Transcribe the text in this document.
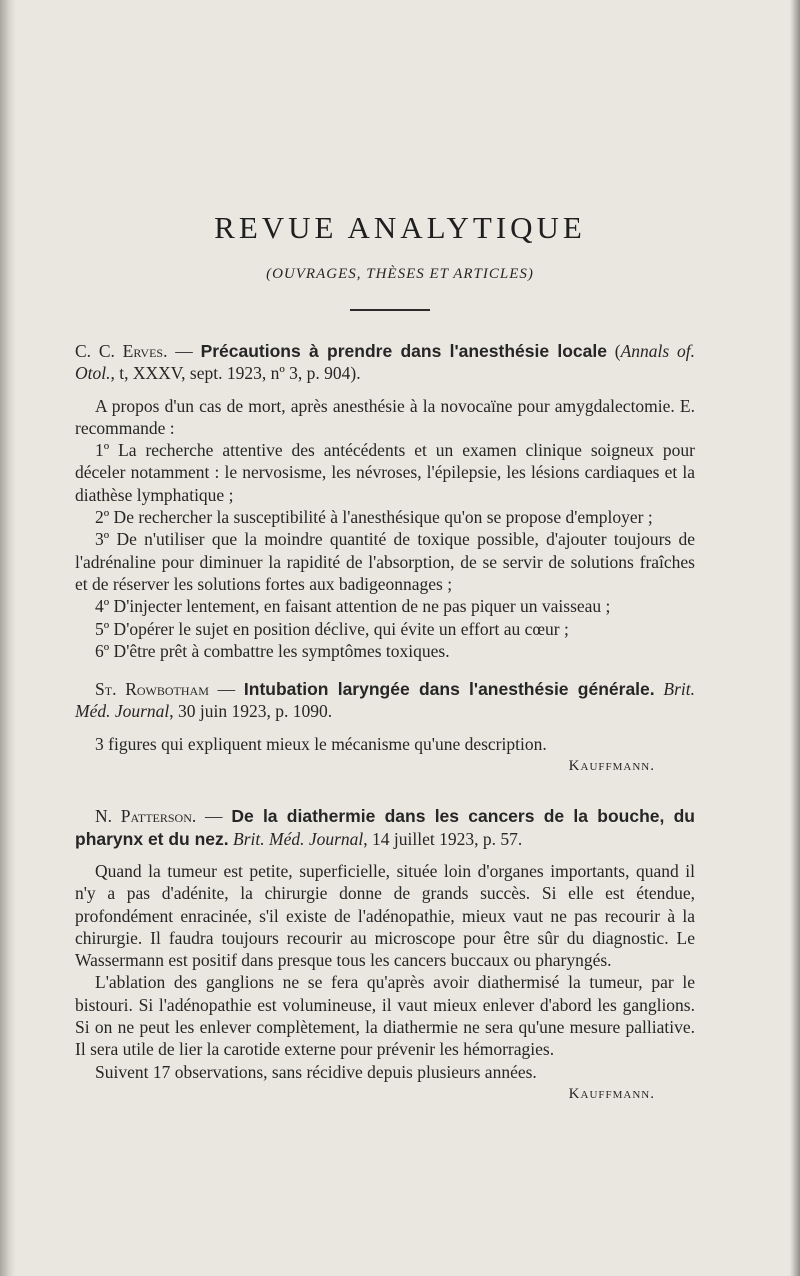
REVUE ANALYTIQUE
(OUVRAGES, THÈSES ET ARTICLES)

C. C. Erves. — Précautions à prendre dans l'anesthésie locale (Annals of. Otol., t, XXXV, sept. 1923, nº 3, p. 904).

A propos d'un cas de mort, après anesthésie à la novocaïne pour amygdalectomie. E. recommande :

1º La recherche attentive des antécédents et un examen clinique soigneux pour déceler notamment : le nervosisme, les névroses, l'épilepsie, les lésions cardiaques et la diathèse lymphatique ;

2º De rechercher la susceptibilité à l'anesthésique qu'on se propose d'employer ;

3º De n'utiliser que la moindre quantité de toxique possible, d'ajouter toujours de l'adrénaline pour diminuer la rapidité de l'absorption, de se servir de solutions fraîches et de réserver les solutions fortes aux badigeonnages ;

4º D'injecter lentement, en faisant attention de ne pas piquer un vaisseau ;

5º D'opérer le sujet en position déclive, qui évite un effort au cœur ;

6º D'être prêt à combattre les symptômes toxiques.

St. Rowbotham — Intubation laryngée dans l'anesthésie générale. Brit. Méd. Journal, 30 juin 1923, p. 1090.

3 figures qui expliquent mieux le mécanisme qu'une description.

Kauffmann.

N. Patterson. — De la diathermie dans les cancers de la bouche, du pharynx et du nez. Brit. Méd. Journal, 14 juillet 1923, p. 57.

Quand la tumeur est petite, superficielle, située loin d'organes importants, quand il n'y a pas d'adénite, la chirurgie donne de grands succès. Si elle est étendue, profondément enracinée, s'il existe de l'adénopathie, mieux vaut ne pas recourir à la chirurgie. Il faudra toujours recourir au microscope pour être sûr du diagnostic. Le Wassermann est positif dans presque tous les cancers buccaux ou pharyngés.

L'ablation des ganglions ne se fera qu'après avoir diathermisé la tumeur, par le bistouri. Si l'adénopathie est volumineuse, il vaut mieux enlever d'abord les ganglions. Si on ne peut les enlever complètement, la diathermie ne sera qu'une mesure palliative. Il sera utile de lier la carotide externe pour prévenir les hémorragies.

Suivent 17 observations, sans récidive depuis plusieurs années.

Kauffmann.
